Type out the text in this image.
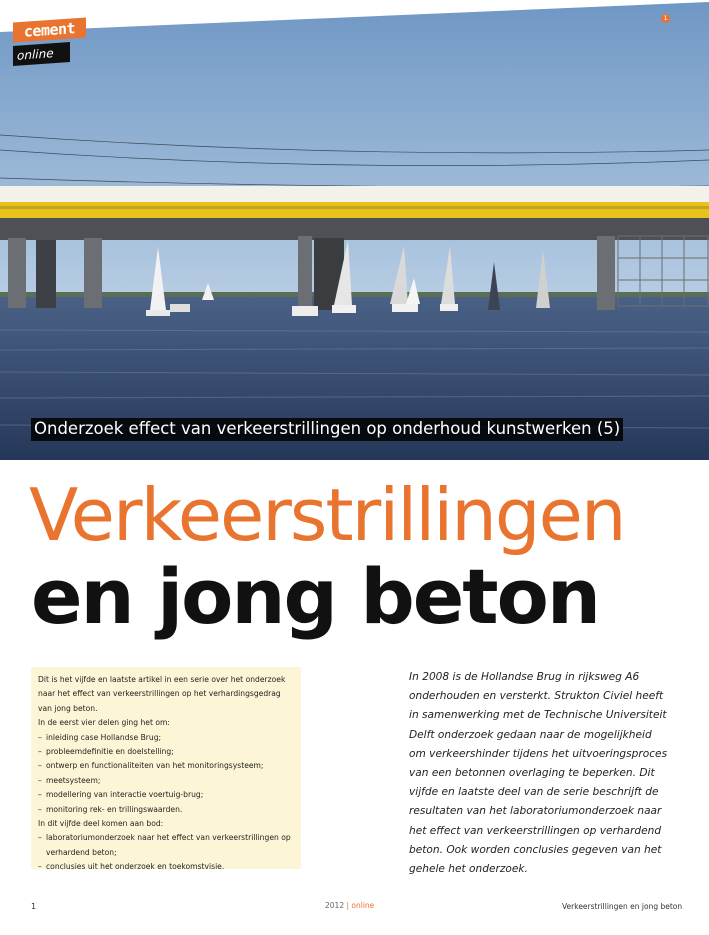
cement
online
1
Onderzoek effect van verkeerstrillingen op onderhoud kunstwerken (5)
Verkeerstrillingen
en jong beton

Dit is het vijfde en laatste artikel in een serie over het onderzoek naar het effect van verkeerstrillingen op het verhardingsgedrag van jong beton.

In de eerst vier delen ging het om:

– inleiding case Hollandse Brug;
– probleemdefinitie en doelstelling;
– ontwerp en functionaliteiten van het monitoringsysteem;
– meetsysteem;
– modellering van interactie voertuig-brug;
– monitoring rek- en trillingswaarden.

In dit vijfde deel komen aan bod:

– laboratoriumonderzoek naar het effect van verkeerstrillingen op verhardend beton;
– conclusies uit het onderzoek en toekomstvisie.
In 2008 is de Hollandse Brug in rijksweg A6 onderhouden en versterkt. Strukton Civiel heeft in samenwerking met de Technische Universiteit Delft onderzoek gedaan naar de mogelijkheid om verkeershinder tijdens het uitvoeringsproces van een betonnen overlaging te beperken. Dit vijfde en laatste deel van de serie beschrijft de resultaten van het laboratoriumonderzoek naar het effect van verkeerstrillingen op verhardend beton. Ook worden conclusies gegeven van het gehele het onderzoek.
1	2012 | online	Verkeerstrillingen en jong beton
